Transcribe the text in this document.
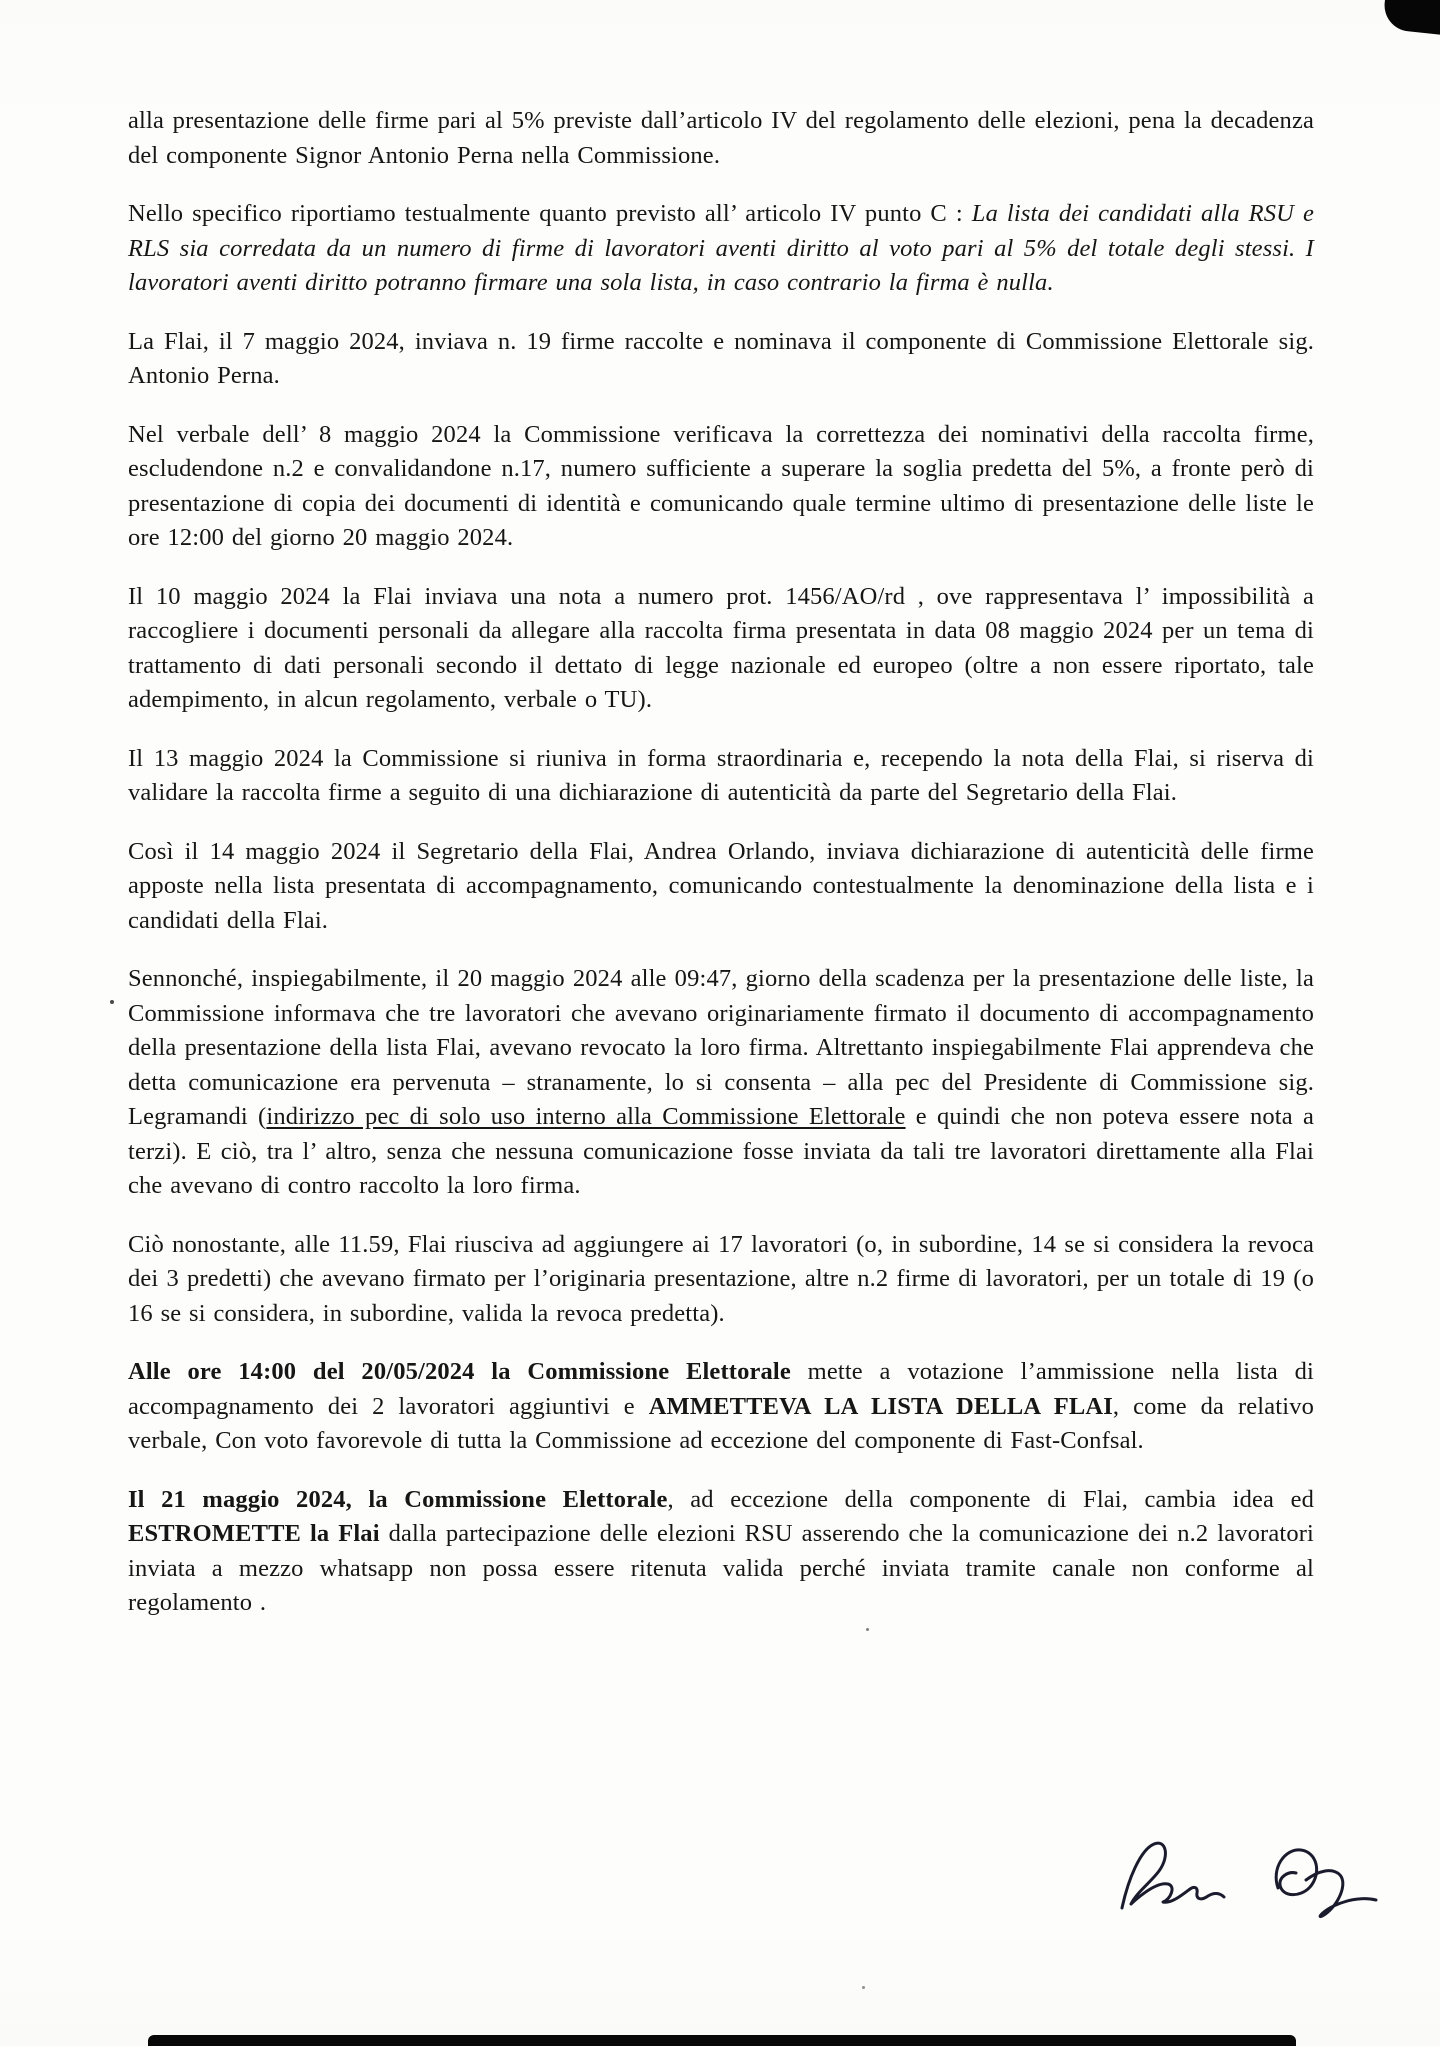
alla presentazione delle firme pari al 5% previste dall’articolo IV del regolamento delle elezioni, pena la decadenza del componente Signor Antonio Perna nella Commissione.

Nello specifico riportiamo testualmente quanto previsto all’ articolo IV punto C : La lista dei candidati alla RSU e RLS sia corredata da un numero di firme di lavoratori aventi diritto al voto pari al 5% del totale degli stessi. I lavoratori aventi diritto potranno firmare una sola lista, in caso contrario la firma è nulla.

La Flai, il 7 maggio 2024, inviava n. 19 firme raccolte e nominava il componente di Commissione Elettorale sig. Antonio Perna.

Nel verbale dell’ 8 maggio 2024 la Commissione verificava la correttezza dei nominativi della raccolta firme, escludendone n.2 e convalidandone n.17, numero sufficiente a superare la soglia predetta del 5%, a fronte però di presentazione di copia dei documenti di identità e comunicando quale termine ultimo di presentazione delle liste le ore 12:00 del giorno 20 maggio 2024.

Il 10 maggio 2024 la Flai inviava una nota a numero prot. 1456/AO/rd , ove rappresentava l’ impossibilità a raccogliere i documenti personali da allegare alla raccolta firma presentata in data 08 maggio 2024 per un tema di trattamento di dati personali secondo il dettato di legge nazionale ed europeo (oltre a non essere riportato, tale adempimento, in alcun regolamento, verbale o TU).

Il 13 maggio 2024 la Commissione si riuniva in forma straordinaria e, recependo la nota della Flai, si riserva di validare la raccolta firme a seguito di una dichiarazione di autenticità da parte del Segretario della Flai.

Così il 14 maggio 2024 il Segretario della Flai, Andrea Orlando, inviava dichiarazione di autenticità delle firme apposte nella lista presentata di accompagnamento, comunicando contestualmente la denominazione della lista e i candidati della Flai.

Sennonché, inspiegabilmente, il 20 maggio 2024 alle 09:47, giorno della scadenza per la presentazione delle liste, la Commissione informava che tre lavoratori che avevano originariamente firmato il documento di accompagnamento della presentazione della lista Flai, avevano revocato la loro firma. Altrettanto inspiegabilmente Flai apprendeva che detta comunicazione era pervenuta – stranamente, lo si consenta – alla pec del Presidente di Commissione sig. Legramandi (indirizzo pec di solo uso interno alla Commissione Elettorale e quindi che non poteva essere nota a terzi). E ciò, tra l’ altro, senza che nessuna comunicazione fosse inviata da tali tre lavoratori direttamente alla Flai che avevano di contro raccolto la loro firma.

Ciò nonostante, alle 11.59, Flai riusciva ad aggiungere ai 17 lavoratori (o, in subordine, 14 se si considera la revoca dei 3 predetti) che avevano firmato per l’originaria presentazione, altre n.2 firme di lavoratori, per un totale di 19 (o 16 se si considera, in subordine, valida la revoca predetta).

Alle ore 14:00 del 20/05/2024 la Commissione Elettorale mette a votazione l’ammissione nella lista di accompagnamento dei 2 lavoratori aggiuntivi e AMMETTEVA LA LISTA DELLA FLAI, come da relativo verbale, Con voto favorevole di tutta la Commissione ad eccezione del componente di Fast-Confsal.

Il 21 maggio 2024, la Commissione Elettorale, ad eccezione della componente di Flai, cambia idea ed ESTROMETTE la Flai dalla partecipazione delle elezioni RSU asserendo che la comunicazione dei n.2 lavoratori inviata a mezzo whatsapp non possa essere ritenuta valida perché inviata tramite canale non conforme al regolamento .
